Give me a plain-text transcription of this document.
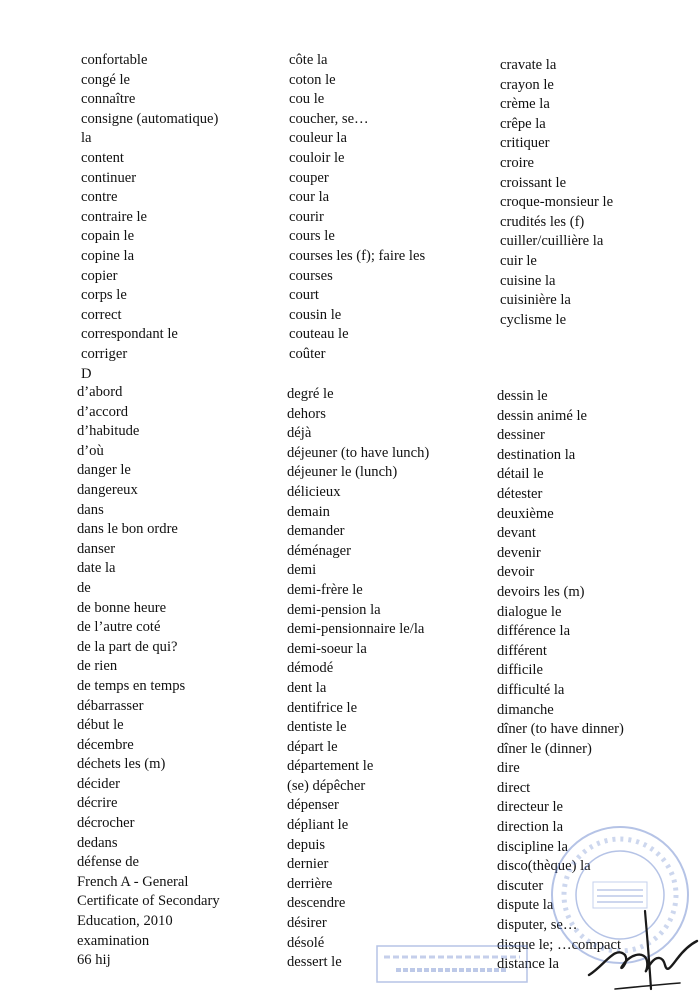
confortable
congé le
connaître
consigne (automatique)
la
content
continuer
contre
contraire le
copain le
copine la
copier
corps le
correct
correspondant le
corriger
D
côte la
coton le
cou le
coucher, se…
couleur la
couloir le
couper
cour la
courir
cours le
courses les (f); faire les
courses
court
cousin le
couteau le
coûter
cravate la
crayon le
crème la
crêpe la
critiquer
croire
croissant le
croque-monsieur le
crudités les (f)
cuiller/cuillière la
cuir le
cuisine la
cuisinière la
cyclisme le
d’abord
d’accord
d’habitude
d’où
danger le
dangereux
dans
dans le bon ordre
danser
date la
de
de bonne heure
de l’autre coté
de la part de qui?
de rien
de temps en temps
débarrasser
début le
décembre
déchets les (m)
décider
décrire
décrocher
dedans
défense de
French A - General
Certificate of Secondary
Education, 2010
examination
66 hij
degré le
dehors
déjà
déjeuner (to have lunch)
déjeuner le (lunch)
délicieux
demain
demander
déménager
demi
demi-frère le
demi-pension la
demi-pensionnaire le/la
demi-soeur la
démodé
dent la
dentifrice le
dentiste le
départ le
département le
(se) dépêcher
dépenser
dépliant le
depuis
dernier
derrière
descendre
désirer
désolé
dessert le
dessin le
dessin animé le
dessiner
destination la
détail le
détester
deuxième
devant
devenir
devoir
devoirs les (m)
dialogue le
différence la
différent
difficile
difficulté la
dimanche
dîner (to have dinner)
dîner le (dinner)
dire
direct
directeur le
direction la
discipline la
disco(thèque) la
discuter
dispute la
disputer, se…
disque le; …compact
distance la
